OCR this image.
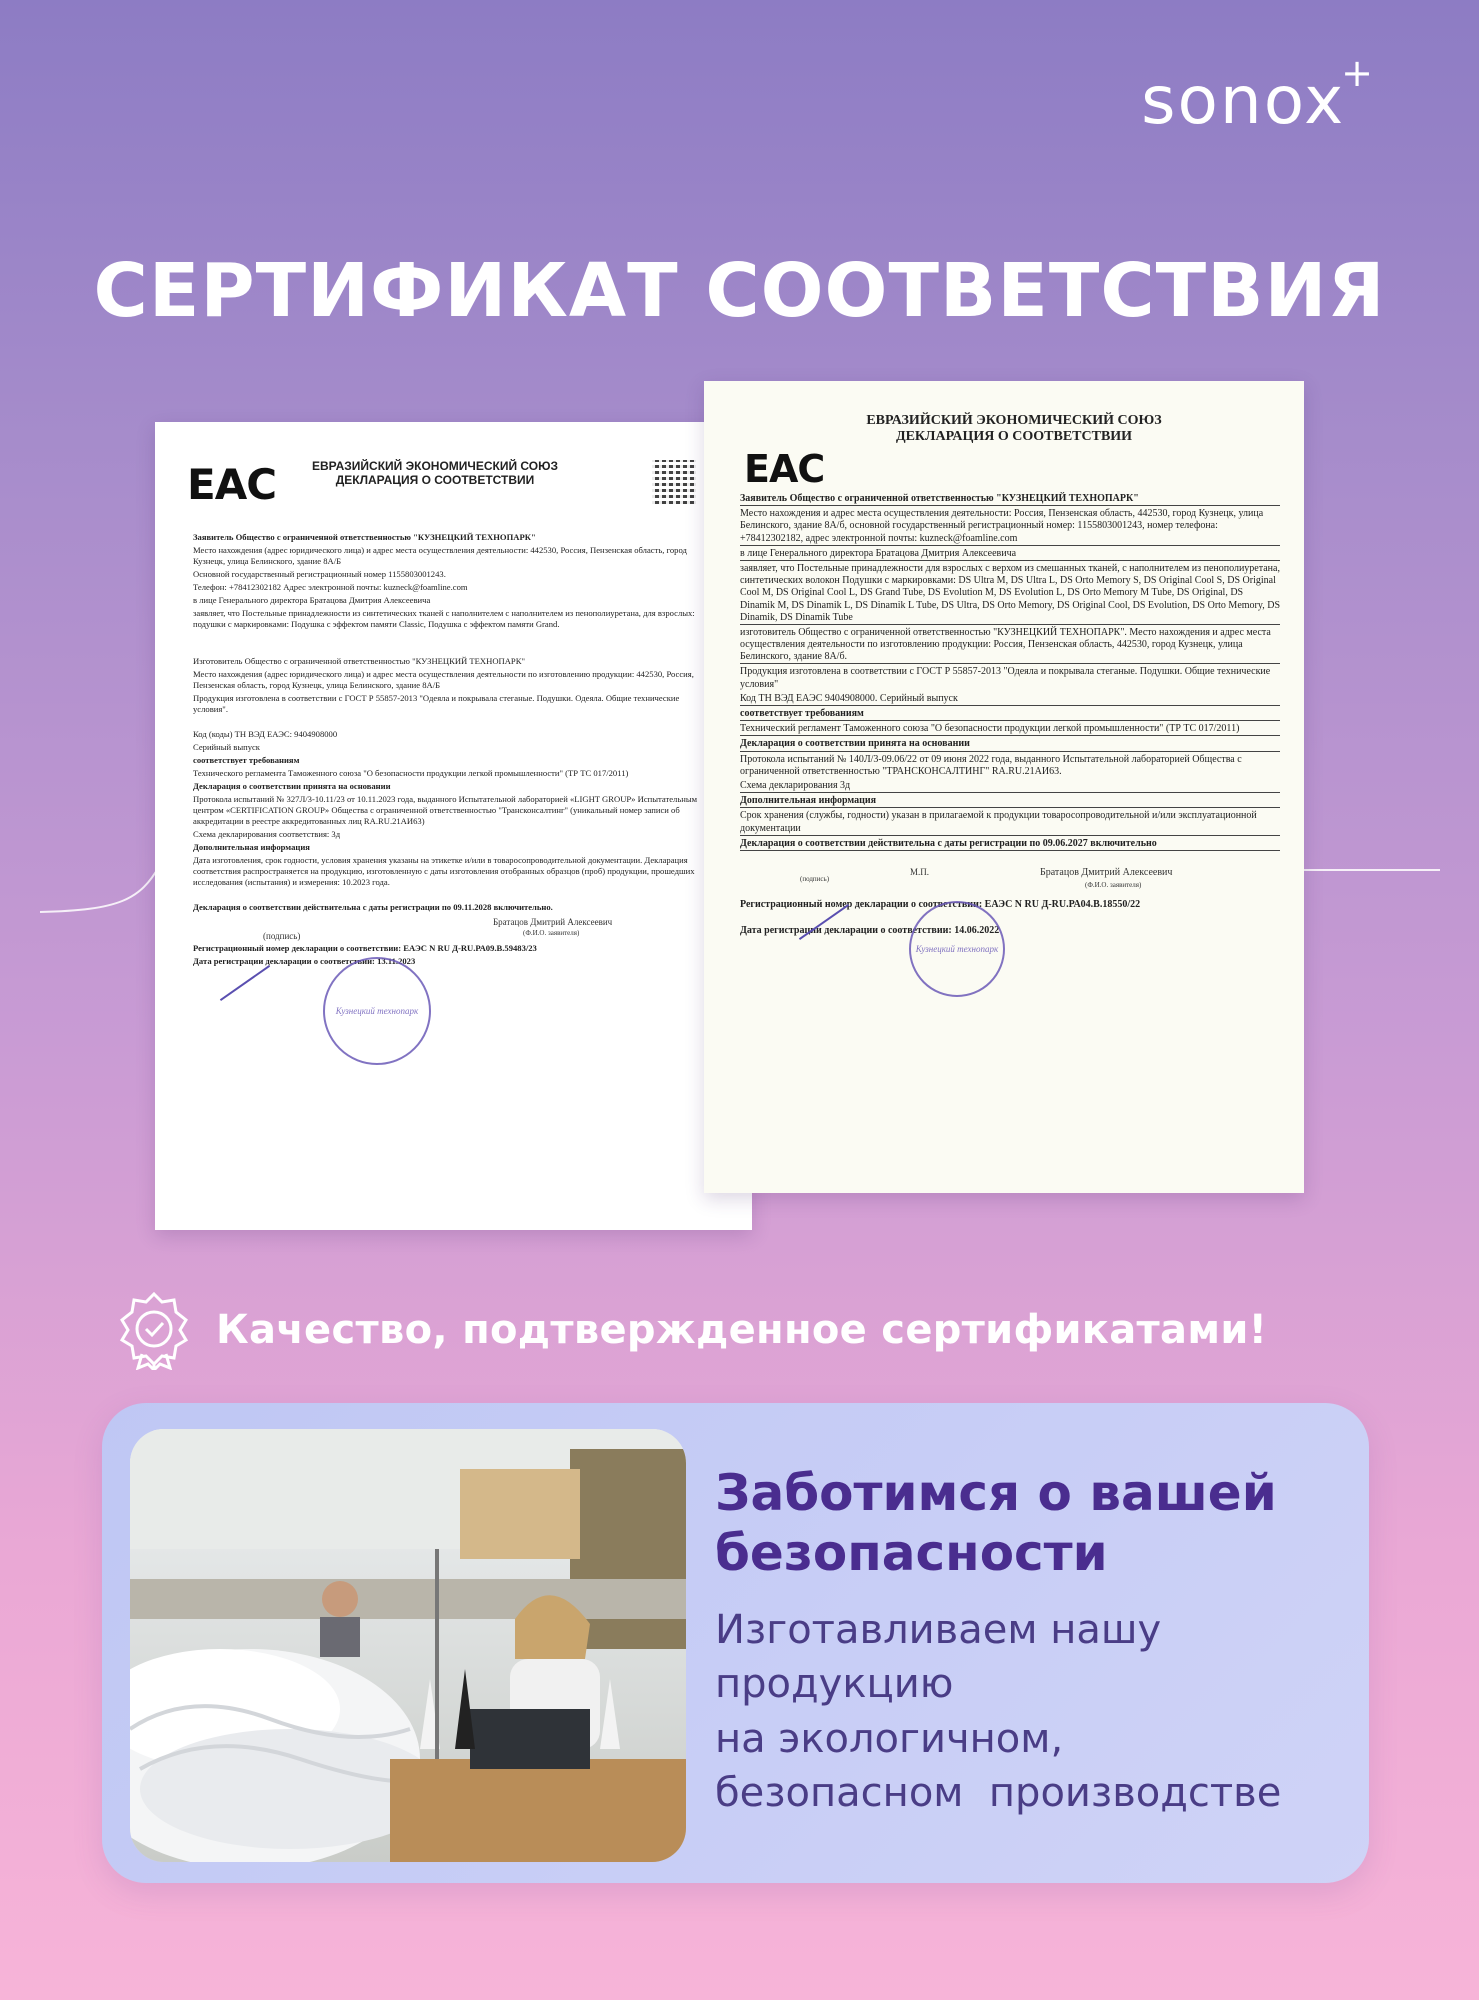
sonox+
СЕРТИФИКАТ СООТВЕТСТВИЯ
EAC	ЕВРАЗИЙСКИЙ ЭКОНОМИЧЕСКИЙ СОЮЗ
ДЕКЛАРАЦИЯ О СООТВЕТСТВИИ

Заявитель Общество с ограниченной ответственностью "КУЗНЕЦКИЙ ТЕХНОПАРК"

Место нахождения (адрес юридического лица) и адрес места осуществления деятельности: 442530, Россия, Пензенская область, город Кузнецк, улица Белинского, здание 8А/Б

Основной государственный регистрационный номер 1155803001243.

Телефон: +78412302182 Адрес электронной почты: kuzneck@foamline.com

в лице Генерального директора Братацова Дмитрия Алексеевича

заявляет, что Постельные принадлежности из синтетических тканей с наполнителем с наполнителем из пенополиуретана, для взрослых: подушки с маркировками: Подушка с эффектом памяти Classic, Подушка с эффектом памяти Grand.

Изготовитель Общество с ограниченной ответственностью "КУЗНЕЦКИЙ ТЕХНОПАРК"

Место нахождения (адрес юридического лица) и адрес места осуществления деятельности по изготовлению продукции: 442530, Россия, Пензенская область, город Кузнецк, улица Белинского, здание 8А/Б

Продукция изготовлена в соответствии с ГОСТ Р 55857-2013 "Одеяла и покрывала стеганые. Подушки. Одеяла. Общие технические условия".

Код (коды) ТН ВЭД ЕАЭС: 9404908000

Серийный выпуск

соответствует требованиям

Технического регламента Таможенного союза "О безопасности продукции легкой промышленности" (ТР ТС 017/2011)

Декларация о соответствии принята на основании

Протокола испытаний № 327Л/3-10.11/23 от 10.11.2023 года, выданного Испытательной лабораторией «LIGHT GROUP» Испытательным центром «CERTIFICATION GROUP» Общества с ограниченной ответственностью "Трансконсалтинг" (уникальный номер записи об аккредитации в реестре аккредитованных лиц RA.RU.21АИ63)

Схема декларирования соответствия: 3д

Дополнительная информация

Дата изготовления, срок годности, условия хранения указаны на этикетке и/или в товаросопроводительной документации. Декларация соответствия распространяется на продукцию, изготовленную с даты изготовления отобранных образцов (проб) продукции, прошедших исследования (испытания) и измерения: 10.2023 года.

Декларация о соответствии действительна с даты регистрации по 09.11.2028 включительно.

(подпись)
Братацов Дмитрий Алексеевич
(Ф.И.О. заявителя)

Регистрационный номер декларации о соответствии: ЕАЭС N RU Д-RU.РА09.В.59483/23

Дата регистрации декларации о соответствии: 13.11.2023

Кузнецкий технопарк
ЕВРАЗИЙСКИЙ ЭКОНОМИЧЕСКИЙ СОЮЗ
ДЕКЛАРАЦИЯ О СООТВЕТСТВИИ
EAC

Заявитель Общество с ограниченной ответственностью "КУЗНЕЦКИЙ ТЕХНОПАРК"

Место нахождения и адрес места осуществления деятельности: Россия, Пензенская область, 442530, город Кузнецк, улица Белинского, здание 8А/б, основной государственный регистрационный номер: 1155803001243, номер телефона: +78412302182, адрес электронной почты: kuzneck@foamline.com

в лице Генерального директора Братацова Дмитрия Алексеевича

заявляет, что Постельные принадлежности для взрослых с верхом из смешанных тканей, с наполнителем из пенополиуретана, синтетических волокон Подушки с маркировками: DS Ultra M, DS Ultra L, DS Orto Memory S, DS Original Cool S, DS Original Cool M, DS Original Cool L, DS Grand Tube, DS Evolution M, DS Evolution L, DS Orto Memory M Tube, DS Original, DS Dinamik M, DS Dinamik L, DS Dinamik L Tube, DS Ultra, DS Orto Memory, DS Original Cool, DS Evolution, DS Orto Memory, DS Dinamik, DS Dinamik Tube

изготовитель Общество с ограниченной ответственностью "КУЗНЕЦКИЙ ТЕХНОПАРК". Место нахождения и адрес места осуществления деятельности по изготовлению продукции: Россия, Пензенская область, 442530, город Кузнецк, улица Белинского, здание 8А/б.

Продукция изготовлена в соответствии с ГОСТ Р 55857-2013 "Одеяла и покрывала стеганые. Подушки. Общие технические условия"

Код ТН ВЭД ЕАЭС 9404908000. Серийный выпуск

соответствует требованиям

Технический регламент Таможенного союза "О безопасности продукции легкой промышленности" (ТР ТС 017/2011)

Декларация о соответствии принята на основании

Протокола испытаний № 140Л/3-09.06/22 от 09 июня 2022 года, выданного Испытательной лабораторией Общества с ограниченной ответственностью "ТРАНСКОНСАЛТИНГ" RA.RU.21АИ63.

Схема декларирования 3д

Дополнительная информация

Срок хранения (службы, годности) указан в прилагаемой к продукции товаросопроводительной и/или эксплуатационной документации

Декларация о соответствии действительна с даты регистрации по 09.06.2027 включительно

(подпись)
М.П.	Братацов Дмитрий Алексеевич
(Ф.И.О. заявителя)

Регистрационный номер декларации о соответствии: ЕАЭС N RU Д-RU.РА04.В.18550/22

Дата регистрации декларации о соответствии: 14.06.2022

Кузнецкий технопарк
Качество, подтвержденное сертификатами!
Заботимся о вашей безопасности
Изготавливаем нашу
продукцию
на экологичном,
безопасном  производстве
